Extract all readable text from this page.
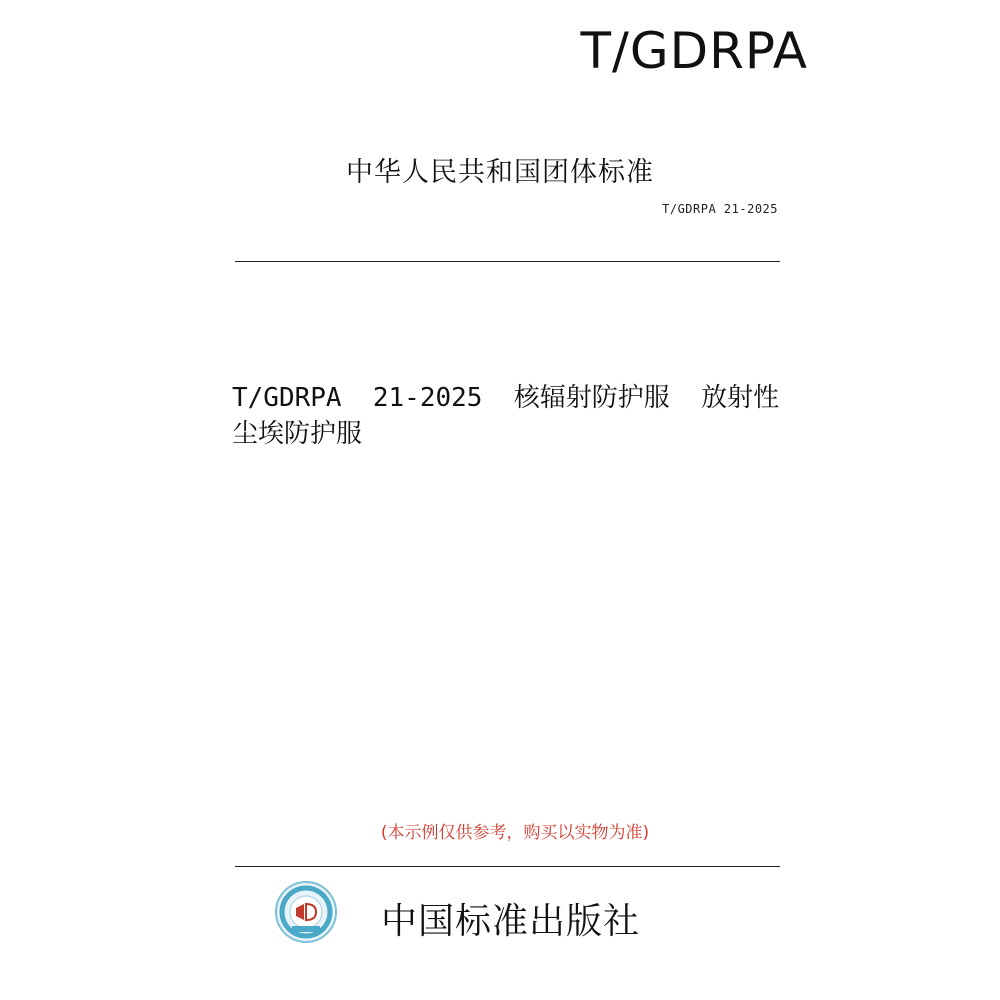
T/GDRPA
中华人民共和国团体标准
T/GDRPA 21-2025
T/GDRPA  21-2025  核辐射防护服  放射性尘埃防护服
(本示例仅供参考，购买以实物为准)
中国标准出版社
